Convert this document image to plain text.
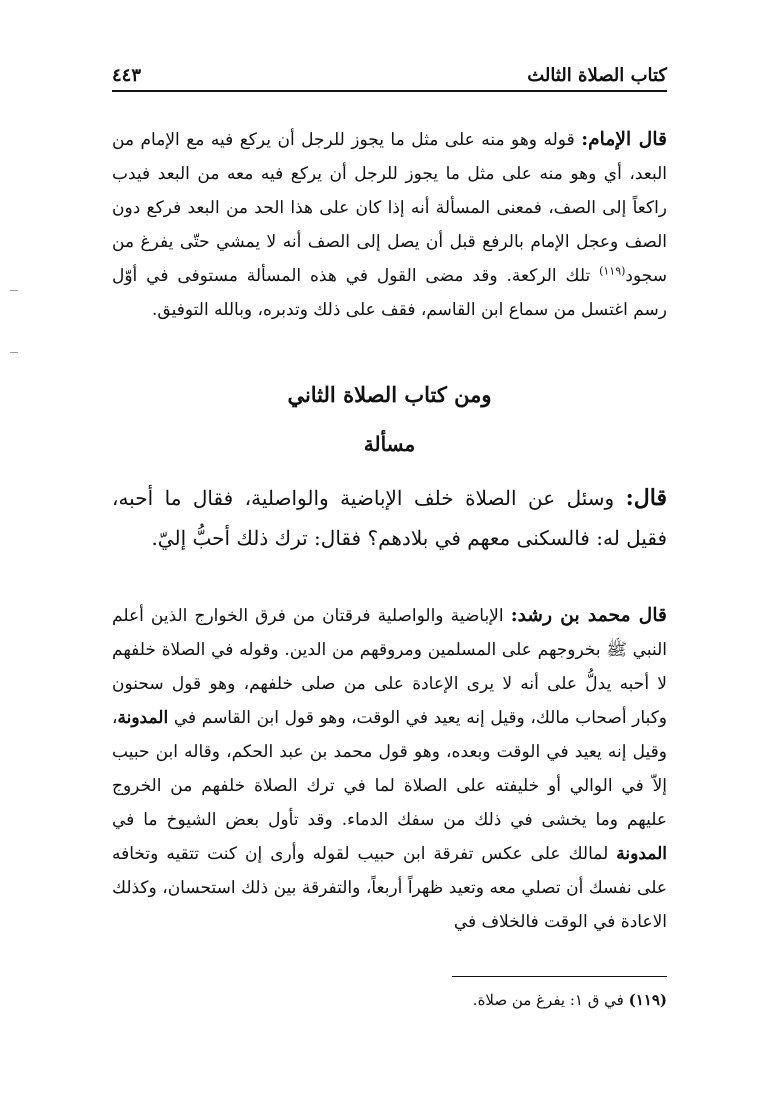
كتاب الصلاة الثالث
٤٤٣
قال الإمام: قوله وهو منه على مثل ما يجوز للرجل أن يركع فيه مع الإمام من البعد، أي وهو منه على مثل ما يجوز للرجل أن يركع فيه معه من البعد فيدب راكعاً إلى الصف، فمعنى المسألة أنه إذا كان على هذا الحد من البعد فركع دون الصف وعجل الإمام بالرفع قبل أن يصل إلى الصف أنه لا يمشي حتّى يفرغ من سجود$^{(١١٩)}$ تلك الركعة. وقد مضى القول في هذه المسألة مستوفى في أوّل رسم اغتسل من سماع ابن القاسم، فقف على ذلك وتدبره، وبالله التوفيق.
ومن كتاب الصلاة الثاني
مسألة
قال: وسئل عن الصلاة خلف الإباضية والواصلية، فقال ما أحبه، فقيل له: فالسكنى معهم في بلادهم؟ فقال: ترك ذلك أحبُّ إليّ.
قال محمد بن رشد: الإباضية والواصلية فرقتان من فرق الخوارج الذين أعلم النبي ﷺ بخروجهم على المسلمين ومروقهم من الدين. وقوله في الصلاة خلفهم لا أحبه يدلُّ على أنه لا يرى الإعادة على من صلى خلفهم، وهو قول سحنون وكبار أصحاب مالك، وقيل إنه يعيد في الوقت، وهو قول ابن القاسم في المدونة، وقيل إنه يعيد في الوقت وبعده، وهو قول محمد بن عبد الحكم، وقاله ابن حبيب إلاّ في الوالي أو خليفته على الصلاة لما في ترك الصلاة خلفهم من الخروج عليهم وما يخشى في ذلك من سفك الدماء. وقد تأول بعض الشيوخ ما في المدونة لمالك على عكس تفرقة ابن حبيب لقوله وأرى إن كنت تتقيه وتخافه على نفسك أن تصلي معه وتعيد ظهراً أربعاً، والتفرقة بين ذلك استحسان، وكذلك الاعادة في الوقت فالخلاف في
(١١٩) في ق ١: يفرغ من صلاة.
